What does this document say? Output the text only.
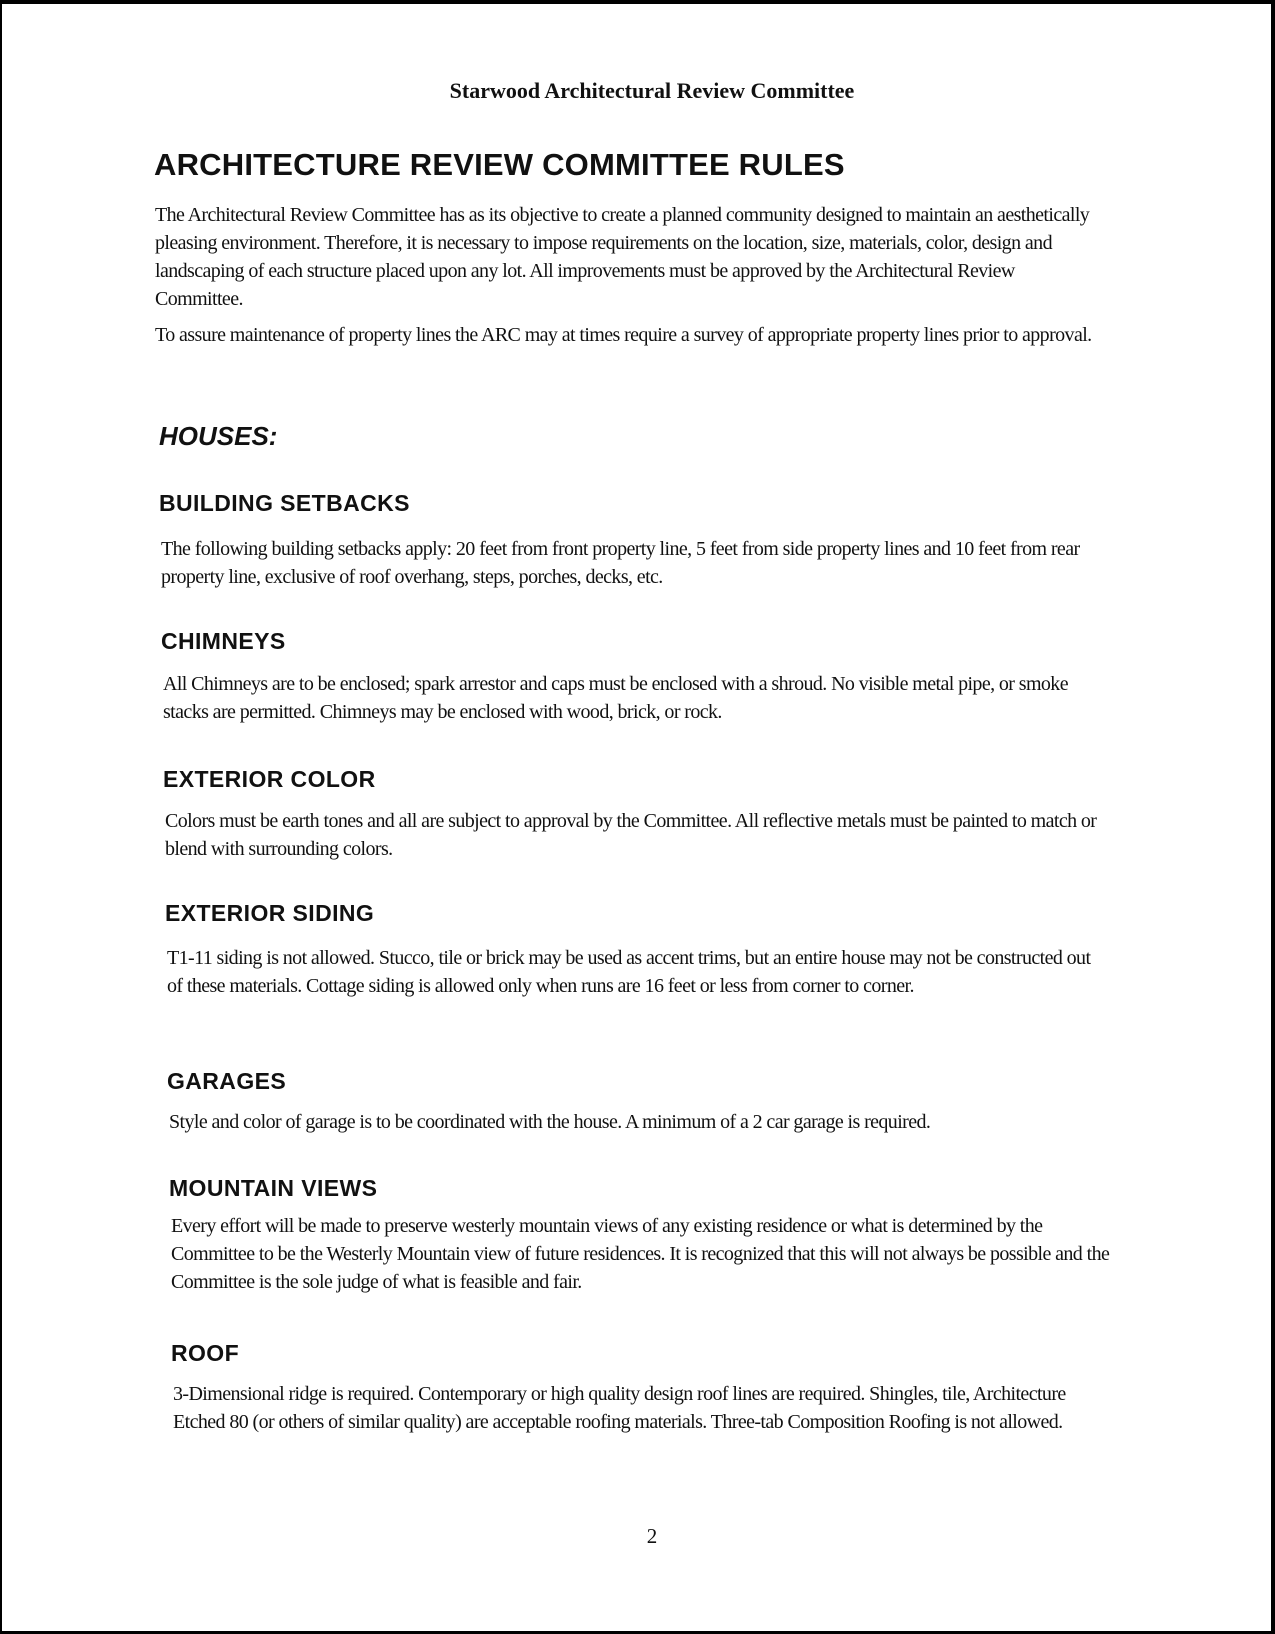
Starwood Architectural Review Committee
ARCHITECTURE REVIEW COMMITTEE RULES

The Architectural Review Committee has as its objective to create a planned community designed to maintain an aesthetically pleasing environment. Therefore, it is necessary to impose requirements on the location, size, materials, color, design and landscaping of each structure placed upon any lot. All improvements must be approved by the Architectural Review Committee.

To assure maintenance of property lines the ARC may at times require a survey of appropriate property lines prior to approval.

HOUSES:
BUILDING SETBACKS

The following building setbacks apply: 20 feet from front property line, 5 feet from side property lines and 10 feet from rear property line, exclusive of roof overhang, steps, porches, decks, etc.

CHIMNEYS

All Chimneys are to be enclosed; spark arrestor and caps must be enclosed with a shroud. No visible metal pipe, or smoke stacks are permitted. Chimneys may be enclosed with wood, brick, or rock.

EXTERIOR COLOR

Colors must be earth tones and all are subject to approval by the Committee. All reflective metals must be painted to match or blend with surrounding colors.

EXTERIOR SIDING

T1-11 siding is not allowed. Stucco, tile or brick may be used as accent trims, but an entire house may not be constructed out of these materials. Cottage siding is allowed only when runs are 16 feet or less from corner to corner.

GARAGES

Style and color of garage is to be coordinated with the house. A minimum of a 2 car garage is required.

MOUNTAIN VIEWS

Every effort will be made to preserve westerly mountain views of any existing residence or what is determined by the Committee to be the Westerly Mountain view of future residences. It is recognized that this will not always be possible and the Committee is the sole judge of what is feasible and fair.

ROOF

3-Dimensional ridge is required. Contemporary or high quality design roof lines are required. Shingles, tile, Architecture Etched 80 (or others of similar quality) are acceptable roofing materials. Three-tab Composition Roofing is not allowed.

2
